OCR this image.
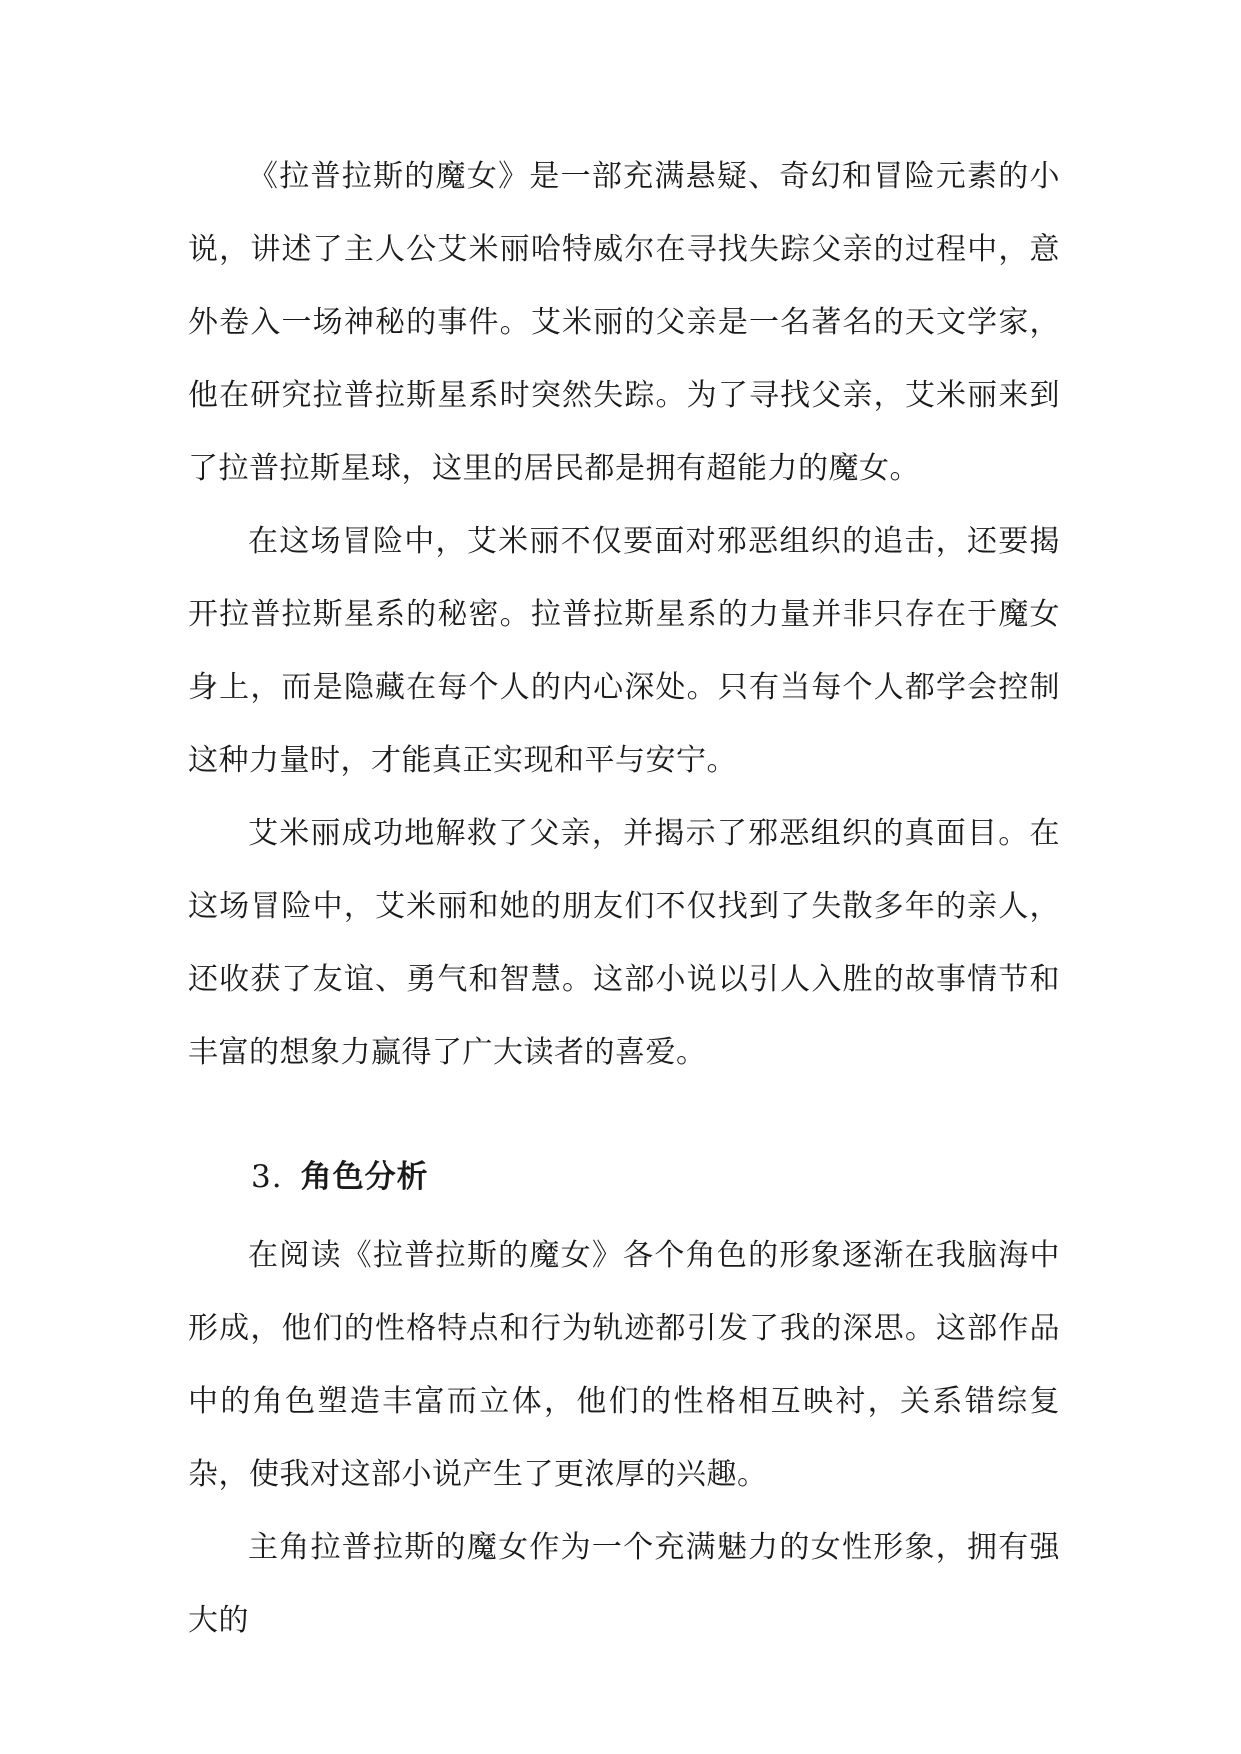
《拉普拉斯的魔女》是一部充满悬疑、奇幻和冒险元素的小说，讲述了主人公艾米丽哈特威尔在寻找失踪父亲的过程中，意外卷入一场神秘的事件。艾米丽的父亲是一名著名的天文学家，他在研究拉普拉斯星系时突然失踪。为了寻找父亲，艾米丽来到了拉普拉斯星球，这里的居民都是拥有超能力的魔女。

在这场冒险中，艾米丽不仅要面对邪恶组织的追击，还要揭开拉普拉斯星系的秘密。拉普拉斯星系的力量并非只存在于魔女身上，而是隐藏在每个人的内心深处。只有当每个人都学会控制这种力量时，才能真正实现和平与安宁。

艾米丽成功地解救了父亲，并揭示了邪恶组织的真面目。在这场冒险中，艾米丽和她的朋友们不仅找到了失散多年的亲人，还收获了友谊、勇气和智慧。这部小说以引人入胜的故事情节和丰富的想象力赢得了广大读者的喜爱。

3. 角色分析

在阅读《拉普拉斯的魔女》各个角色的形象逐渐在我脑海中形成，他们的性格特点和行为轨迹都引发了我的深思。这部作品中的角色塑造丰富而立体，他们的性格相互映衬，关系错综复杂，使我对这部小说产生了更浓厚的兴趣。

主角拉普拉斯的魔女作为一个充满魅力的女性形象，拥有强大的
